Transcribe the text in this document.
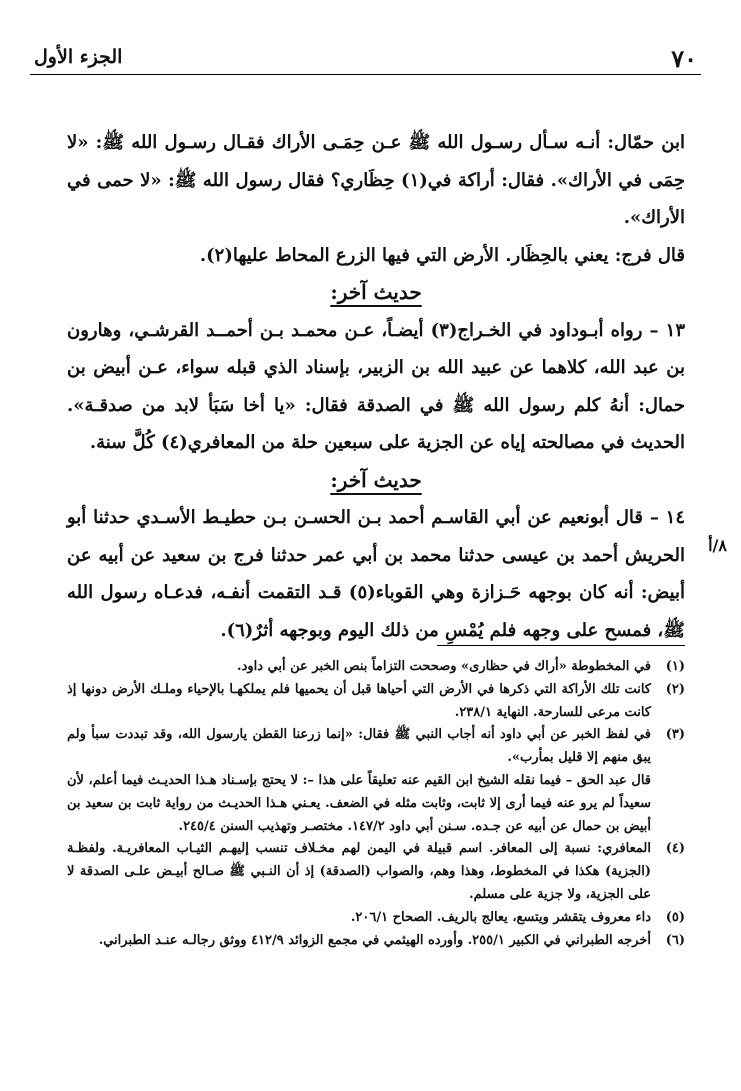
٧٠
الجزء الأول

ابن حمّال: أنـه سـأل رسـول الله ﷺ عـن حِمَـى الأراك فقـال رسـول الله ﷺ: «لا حِمَى في الأراك». فقال: أراكة في(١) حِظَاري؟ فقال رسول الله ﷺ: «لا حمى في الأراك».

قال فرج: يعني بالحِظَار. الأرض التي فيها الزرع المحاط عليها(٢).

حديث آخر:

١٣ – رواه أبـوداود في الخـراج(٣) أيضـاً، عـن محمـد بـن أحمــد القرشـي، وهارون بن عبد الله، كلاهما عن عبيد الله بن الزبير، بإسناد الذي قبله سواء، عـن أبيض بن حمال: أنهُ كلم رسول الله ﷺ في الصدقة فقال: «يا أخا سَبَأ لابد من صدقـة». الحديث في مصالحته إياه عن الجزية على سبعين حلة من المعافري(٤) كُلَّ سنة.

حديث آخر:

١٤ – قال أبونعيم عن أبي القاسـم أحمد بـن الحسـن بـن حطيـط الأسـدي حدثنا أبو الحريش أحمد بن عيسى حدثنا محمد بن أبي عمر حدثنا فرج بن سعيد عن أبيه عن أبيض: أنه كان بوجهه حَـزازة وهي القوباء(٥) قـد التقمت أنفـه، فدعـاه رسول الله ﷺ، فمسح على وجهه فلم يُمْسِ من ذلك اليوم وبوجهه أثرٌ(٦).

٨/أ
(١)

في المخطوطة «أراك في حظارى» وصححت التزاماً بنص الخبر عن أبي داود.

(٢)

كانت تلك الأراكة التي ذكرها في الأرض التي أحياها قبل أن يحميها فلم يملكهـا بالإحياء وملـك الأرض دونها إذ كانت مرعى للسارحة. النهاية ٢٣٨/١.

(٣)

في لفظ الخبر عن أبي داود أنه أجاب النبي ﷺ فقال: «إنما زرعنا القطن يارسول الله، وقد تبددت سبأ ولم يبق منهم إلا قليل بمأرب».

قال عبد الحق – فيما نقله الشيخ ابن القيم عنه تعليقاً على هذا –: لا يحتج بإسـناد هـذا الحديـث فيما أعلم، لأن سعيداً لم يرو عنه فيما أرى إلا ثابت، وثابت مثله في الضعف. يعـني هـذا الحديـث من رواية ثابت بن سعيد بن أبيض بن حمال عن أبيه عن جـده. سـنن أبي داود ١٤٧/٢. مختصـر وتهذيب السنن ٢٤٥/٤.

(٤)

المعافري: نسبة إلى المعافر. اسم قبيلة في اليمن لهم مخـلاف تنسب إليهـم الثيـاب المعافريـة. ولفظـة (الجزية) هكذا في المخطوط، وهذا وهم، والصواب (الصدقة) إذ أن النـبي ﷺ صـالح أبيـض علـى الصدقة لا على الجزية، ولا جزية على مسلم.

(٥)

داء معروف يتقشر ويتسع، يعالج بالريف. الصحاح ٢٠٦/١.

(٦)

أخرجه الطبراني في الكبير ٢٥٥/١. وأورده الهيثمي في مجمع الزوائد ٤١٢/٩ ووثق رجالـه عنـد الطبراني.
